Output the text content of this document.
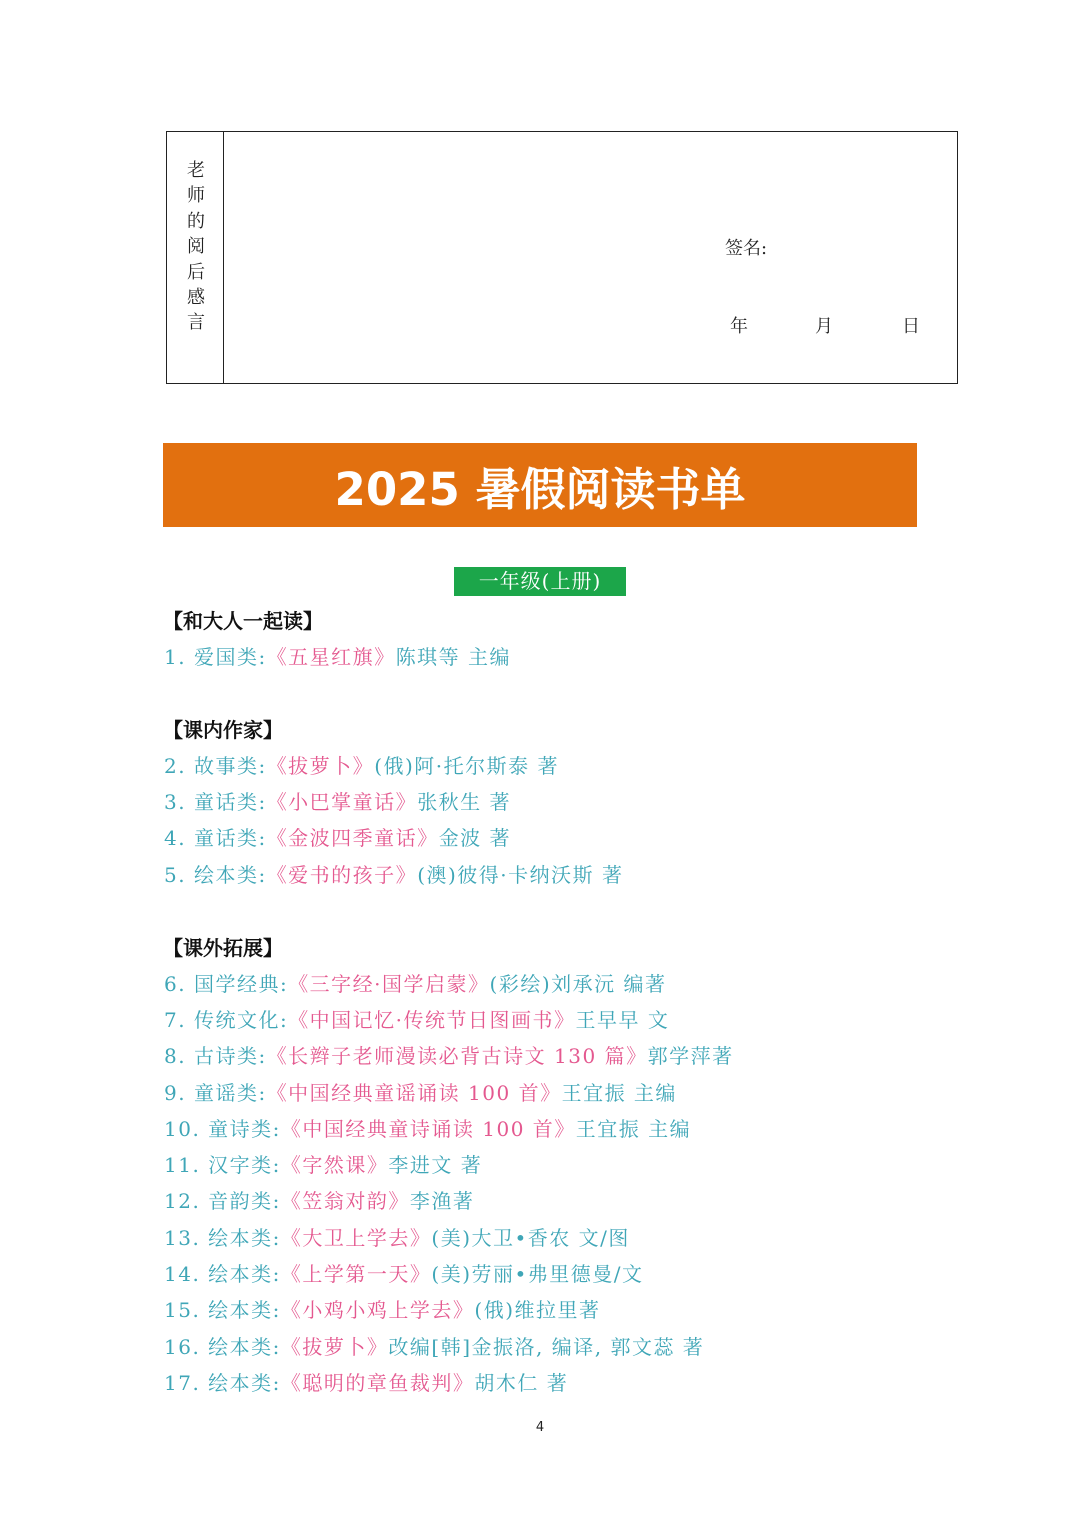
老师的阅后感言
签名:
年	月	日
2025 暑假阅读书单
一年级(上册)
【和大人一起读】
1. 爱国类:《五星红旗》陈琪等 主编
【课内作家】
2. 故事类:《拔萝卜》(俄)阿·托尔斯泰 著
3. 童话类:《小巴掌童话》张秋生 著
4. 童话类:《金波四季童话》金波 著
5. 绘本类:《爱书的孩子》(澳)彼得·卡纳沃斯 著
【课外拓展】
6. 国学经典:《三字经·国学启蒙》(彩绘)刘承沅 编著
7. 传统文化:《中国记忆·传统节日图画书》王早早 文
8. 古诗类:《长辫子老师漫读必背古诗文 130 篇》郭学萍著
9. 童谣类:《中国经典童谣诵读 100 首》王宜振 主编
10. 童诗类:《中国经典童诗诵读 100 首》王宜振 主编
11. 汉字类:《字然课》李进文 著
12. 音韵类:《笠翁对韵》李渔著
13. 绘本类:《大卫上学去》(美)大卫•香农 文/图
14. 绘本类:《上学第一天》(美)劳丽•弗里德曼/文
15. 绘本类:《小鸡小鸡上学去》(俄)维拉里著
16. 绘本类:《拔萝卜》改编[韩]金振洛, 编译, 郭文蕊 著
17. 绘本类:《聪明的章鱼裁判》胡木仁 著
4
